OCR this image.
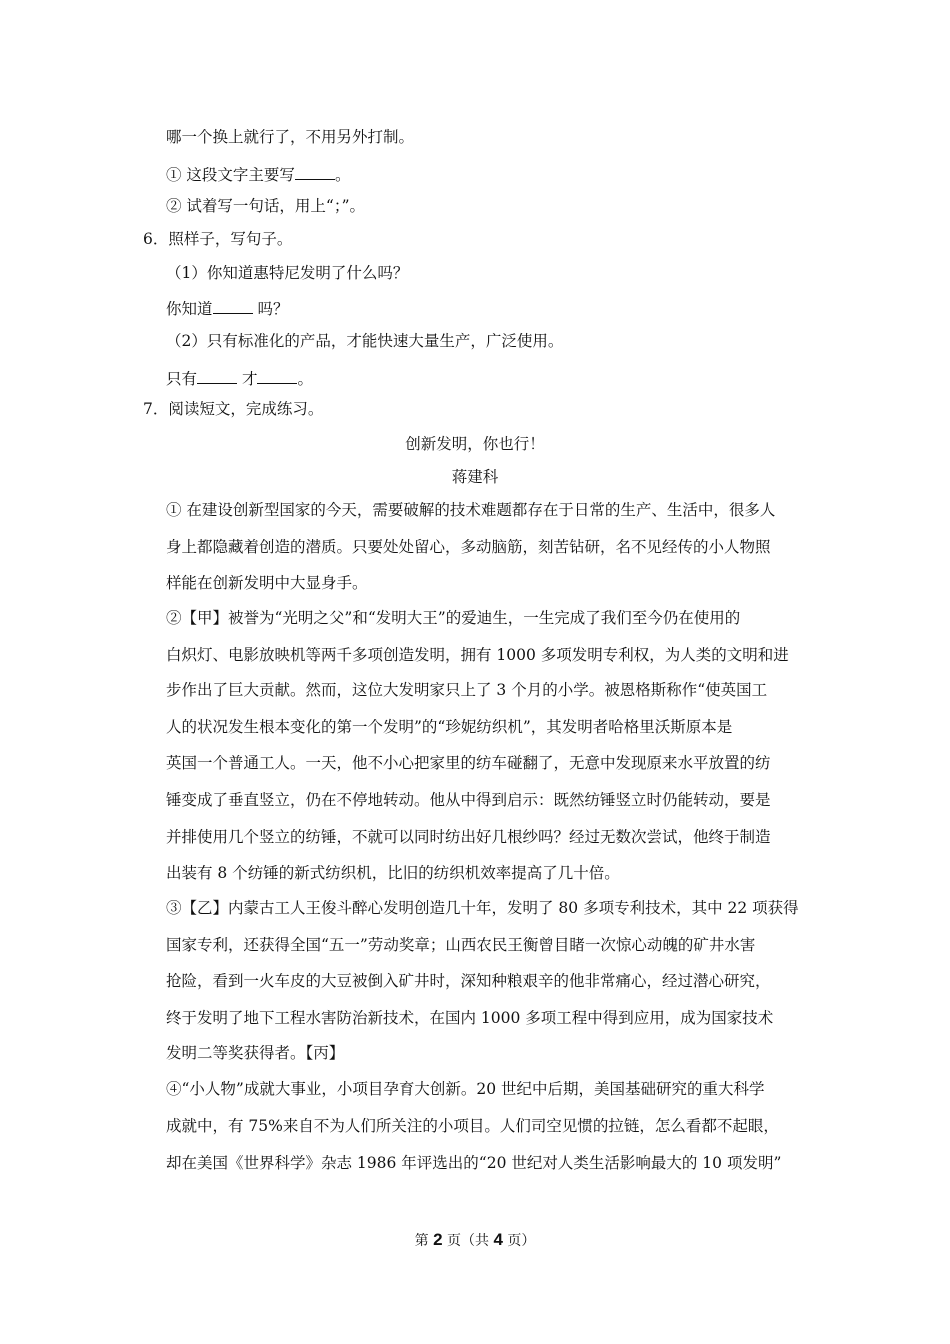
哪一个换上就行了，不用另外打制。
① 这段文字主要写	。
② 试着写一句话，用上“；”。
6．照样子，写句子。
（1）你知道惠特尼发明了什么吗？
你知道	吗？
（2）只有标准化的产品，才能快速大量生产，广泛使用。
只有	才	。
7．阅读短文，完成练习。
创新发明，你也行！
蒋建科
① 在建设创新型国家的今天，需要破解的技术难题都存在于日常的生产、生活中，很多人
身上都隐藏着创造的潜质。只要处处留心，多动脑筋，刻苦钻研，名不见经传的小人物照
样能在创新发明中大显身手。
②【甲】被誉为“光明之父”和“发明大王”的爱迪生，一生完成了我们至今仍在使用的
白炽灯、电影放映机等两千多项创造发明，拥有 1000 多项发明专利权，为人类的文明和进
步作出了巨大贡献。然而，这位大发明家只上了 3 个月的小学。被恩格斯称作“使英国工
人的状况发生根本变化的第一个发明”的“珍妮纺织机”，其发明者哈格里沃斯原本是
英国一个普通工人。一天，他不小心把家里的纺车碰翻了，无意中发现原来水平放置的纺
锤变成了垂直竖立，仍在不停地转动。他从中得到启示：既然纺锤竖立时仍能转动，要是
并排使用几个竖立的纺锤，不就可以同时纺出好几根纱吗？经过无数次尝试，他终于制造
出装有 8 个纺锤的新式纺织机，比旧的纺织机效率提高了几十倍。
③【乙】内蒙古工人王俊斗醉心发明创造几十年，发明了 80 多项专利技术，其中 22 项获得
国家专利，还获得全国“五一”劳动奖章；山西农民王衡曾目睹一次惊心动魄的矿井水害
抢险，看到一火车皮的大豆被倒入矿井时，深知种粮艰辛的他非常痛心，经过潜心研究，
终于发明了地下工程水害防治新技术，在国内 1000 多项工程中得到应用，成为国家技术
发明二等奖获得者。【丙】
④“小人物”成就大事业，小项目孕育大创新。20 世纪中后期，美国基础研究的重大科学
成就中，有 75%来自不为人们所关注的小项目。人们司空见惯的拉链，怎么看都不起眼，
却在美国《世界科学》杂志 1986 年评选出的“20 世纪对人类生活影响最大的 10 项发明”
第 2 页（共 4 页）
